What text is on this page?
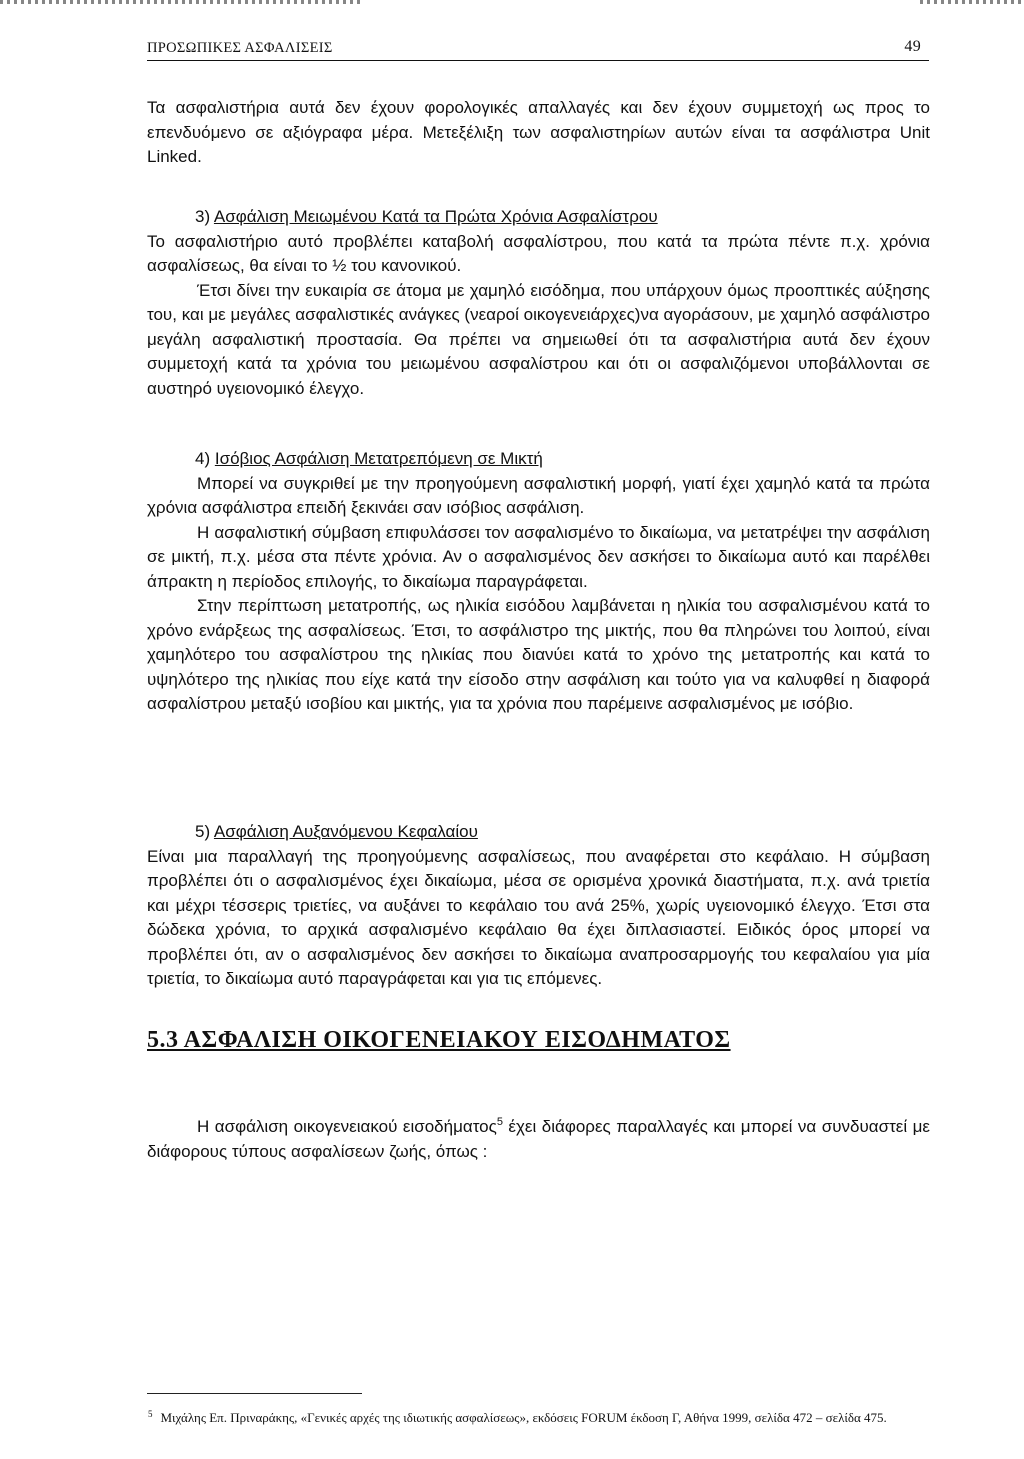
ΠΡΟΣΩΠΙΚΕΣ ΑΣΦΑΛΙΣΕΙΣ	49

Τα ασφαλιστήρια αυτά δεν έχουν φορολογικές απαλλαγές και δεν έχουν συμμετοχή ως προς το επενδυόμενο σε αξιόγραφα μέρα. Μετεξέλιξη των ασφαλιστηρίων αυτών είναι τα ασφάλιστρα Unit Linked.

3) Ασφάλιση Μειωμένου Κατά τα Πρώτα Χρόνια Ασφαλίστρου

Το ασφαλιστήριο αυτό προβλέπει καταβολή ασφαλίστρου, που κατά τα πρώτα πέντε π.χ. χρόνια ασφαλίσεως, θα είναι το ½ του κανονικού.

Έτσι δίνει την ευκαιρία σε άτομα με χαμηλό εισόδημα, που υπάρχουν όμως προοπτικές αύξησης του, και με μεγάλες ασφαλιστικές ανάγκες (νεαροί οικογενειάρχες)να αγοράσουν, με χαμηλό ασφάλιστρο μεγάλη ασφαλιστική προστασία. Θα πρέπει να σημειωθεί ότι τα ασφαλιστήρια αυτά δεν έχουν συμμετοχή κατά τα χρόνια του μειωμένου ασφαλίστρου και ότι οι ασφαλιζόμενοι υποβάλλονται σε αυστηρό υγειονομικό έλεγχο.

4) Ισόβιος Ασφάλιση Μετατρεπόμενη σε Μικτή

Μπορεί να συγκριθεί με την προηγούμενη ασφαλιστική μορφή, γιατί έχει χαμηλό κατά τα πρώτα χρόνια ασφάλιστρα επειδή ξεκινάει σαν ισόβιος ασφάλιση.

Η ασφαλιστική σύμβαση επιφυλάσσει τον ασφαλισμένο το δικαίωμα, να μετατρέψει την ασφάλιση σε μικτή, π.χ. μέσα στα πέντε χρόνια. Αν ο ασφαλισμένος δεν ασκήσει το δικαίωμα αυτό και παρέλθει άπρακτη η περίοδος επιλογής, το δικαίωμα παραγράφεται.

Στην περίπτωση μετατροπής, ως ηλικία εισόδου λαμβάνεται η ηλικία του ασφαλισμένου κατά το χρόνο ενάρξεως της ασφαλίσεως. Έτσι, το ασφάλιστρο της μικτής, που θα πληρώνει του λοιπού, είναι χαμηλότερο του ασφαλίστρου της ηλικίας που διανύει κατά το χρόνο της μετατροπής και κατά το υψηλότερο της ηλικίας που είχε κατά την είσοδο στην ασφάλιση και τούτο για να καλυφθεί η διαφορά ασφαλίστρου μεταξύ ισοβίου και μικτής, για τα χρόνια που παρέμεινε ασφαλισμένος με ισόβιο.

5) Ασφάλιση Αυξανόμενου Κεφαλαίου

Είναι μια παραλλαγή της προηγούμενης ασφαλίσεως, που αναφέρεται στο κεφάλαιο. Η σύμβαση προβλέπει ότι ο ασφαλισμένος έχει δικαίωμα, μέσα σε ορισμένα χρονικά διαστήματα, π.χ. ανά τριετία και μέχρι τέσσερις τριετίες, να αυξάνει το κεφάλαιο του ανά 25%, χωρίς υγειονομικό έλεγχο. Έτσι στα δώδεκα χρόνια, το αρχικά ασφαλισμένο κεφάλαιο θα έχει διπλασιαστεί. Ειδικός όρος μπορεί να προβλέπει ότι, αν ο ασφαλισμένος δεν ασκήσει το δικαίωμα αναπροσαρμογής του κεφαλαίου για μία τριετία, το δικαίωμα αυτό παραγράφεται και για τις επόμενες.

5.3 ΑΣΦΑΛΙΣΗ ΟΙΚΟΓΕΝΕΙΑΚΟΥ ΕΙΣΟΔΗΜΑΤΟΣ

Η ασφάλιση οικογενειακού εισοδήματος$^5$ έχει διάφορες παραλλαγές και μπορεί να συνδυαστεί με διάφορους τύπους ασφαλίσεων ζωής, όπως :

$^5$ Μιχάλης Επ. Πριναράκης, «Γενικές αρχές της ιδιωτικής ασφαλίσεως», εκδόσεις FORUM έκδοση Γ, Αθήνα 1999, σελίδα 472 – σελίδα 475.
